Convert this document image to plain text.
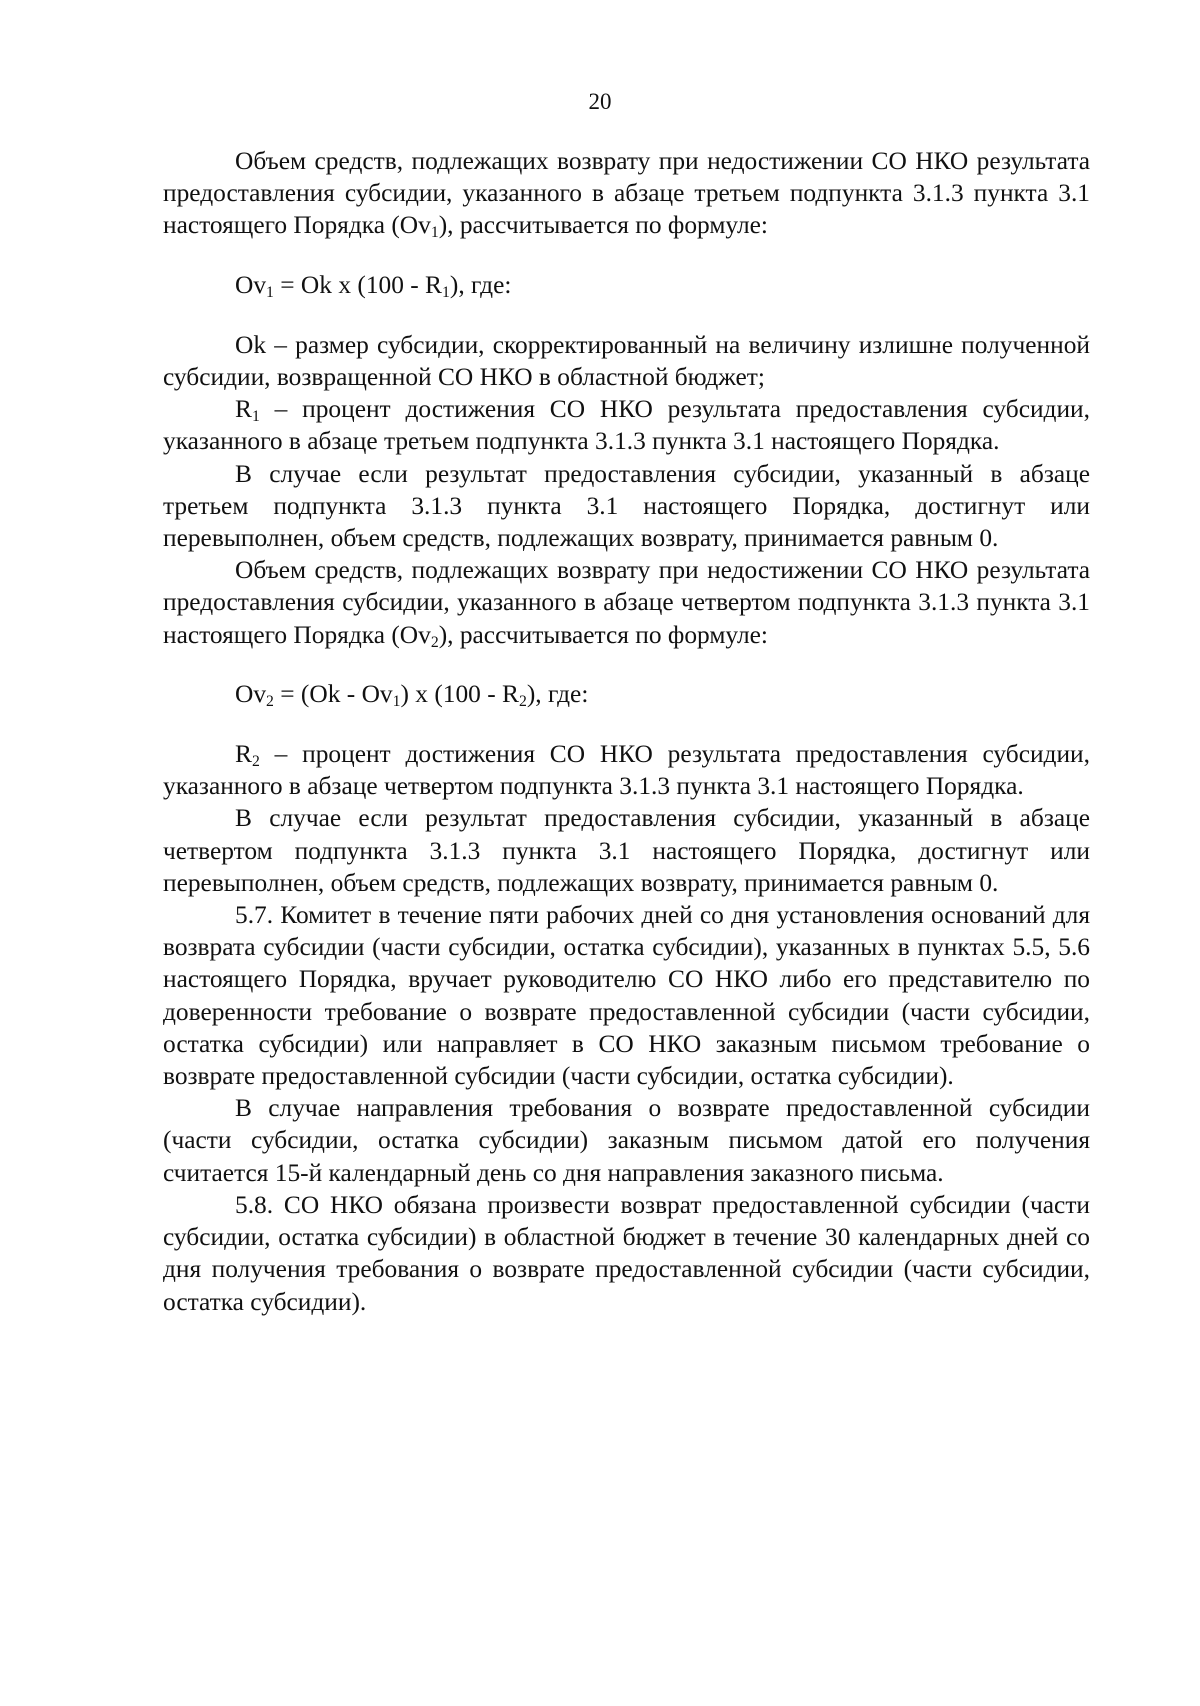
20

Объем средств, подлежащих возврату при недостижении СО НКО результата предоставления субсидии, указанного в абзаце третьем подпункта 3.1.3 пункта 3.1 настоящего Порядка $(Ov_1)$, рассчитывается по формуле:

$Ov_1 = Ok$ x $(100 - R_1)$, где:

Ok – размер субсидии, скорректированный на величину излишне полученной субсидии, возвращенной СО НКО в областной бюджет;

$R_1$ – процент достижения СО НКО результата предоставления субсидии, указанного в абзаце третьем подпункта 3.1.3 пункта 3.1 настоящего Порядка.

В случае если результат предоставления субсидии, указанный в абзаце третьем подпункта 3.1.3 пункта 3.1 настоящего Порядка, достигнут или перевыполнен, объем средств, подлежащих возврату, принимается равным 0.

Объем средств, подлежащих возврату при недостижении СО НКО результата предоставления субсидии, указанного в абзаце четвертом подпункта 3.1.3 пункта 3.1 настоящего Порядка $(Ov_2)$, рассчитывается по формуле:

$Ov_2 = (Ok - Ov_1)$ x $(100 - R_2)$, где:

$R_2$ – процент достижения СО НКО результата предоставления субсидии, указанного в абзаце четвертом подпункта 3.1.3 пункта 3.1 настоящего Порядка.

В случае если результат предоставления субсидии, указанный в абзаце четвертом подпункта 3.1.3 пункта 3.1 настоящего Порядка, достигнут или перевыполнен, объем средств, подлежащих возврату, принимается равным 0.

5.7. Комитет в течение пяти рабочих дней со дня установления оснований для возврата субсидии (части субсидии, остатка субсидии), указанных в пунктах 5.5, 5.6 настоящего Порядка, вручает руководителю СО НКО либо его представителю по доверенности требование о возврате предоставленной субсидии (части субсидии, остатка субсидии) или направляет в СО НКО заказным письмом требование о возврате предоставленной субсидии (части субсидии, остатка субсидии).

В случае направления требования о возврате предоставленной субсидии (части субсидии, остатка субсидии) заказным письмом датой его получения считается 15-й календарный день со дня направления заказного письма.

5.8. СО НКО обязана произвести возврат предоставленной субсидии (части субсидии, остатка субсидии) в областной бюджет в течение 30 календарных дней со дня получения требования о возврате предоставленной субсидии (части субсидии, остатка субсидии).
